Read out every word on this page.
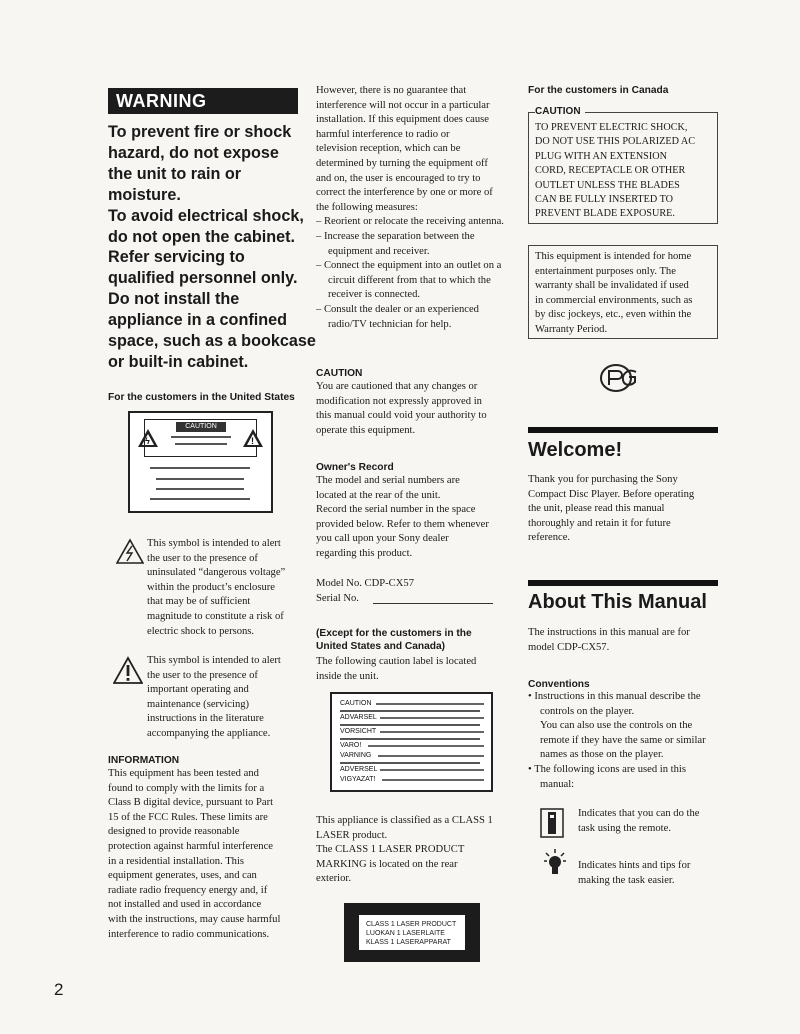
WARNING
To prevent fire or shock
hazard, do not expose
the unit to rain or
moisture.
To avoid electrical shock,
do not open the cabinet.
Refer servicing to
qualified personnel only.
Do not install the
appliance in a confined
space, such as a bookcase
or built-in cabinet.
For the customers in the United States
ϟ
CAUTION
!
This symbol is intended to alert
the user to the presence of
uninsulated “dangerous voltage”
within the product’s enclosure
that may be of sufficient
magnitude to constitute a risk of
electric shock to persons.
This symbol is intended to alert
the user to the presence of
important operating and
maintenance (servicing)
instructions in the literature
accompanying the appliance.
INFORMATION
This equipment has been tested and
found to comply with the limits for a
Class B digital device, pursuant to Part
15 of the FCC Rules. These limits are
designed to provide reasonable
protection against harmful interference
in a residential installation. This
equipment generates, uses, and can
radiate radio frequency energy and, if
not installed and used in accordance
with the instructions, may cause harmful
interference to radio communications.
2
However, there is no guarantee that
interference will not occur in a particular
installation. If this equipment does cause
harmful interference to radio or
television reception, which can be
determined by turning the equipment off
and on, the user is encouraged to try to
correct the interference by one or more of
the following measures:
– Reorient or relocate the receiving antenna.
– Increase the separation between the equipment and receiver.
– Connect the equipment into an outlet on a circuit different from that to which the receiver is connected.
– Consult the dealer or an experienced radio/TV technician for help.
CAUTION
You are cautioned that any changes or
modification not expressly approved in
this manual could void your authority to
operate this equipment.
Owner's Record
The model and serial numbers are
located at the rear of the unit.
Record the serial number in the space
provided below. Refer to them whenever
you call upon your Sony dealer
regarding this product.
Model No. CDP-CX57
Serial No.
(Except for the customers in the
United States and Canada)
The following caution label is located
inside the unit.
CAUTION
ADVARSEL
VORSICHT
VARO!
VARNING
ADVERSEL
VIGYAZAT!
This appliance is classified as a CLASS 1
LASER product.
The CLASS 1 LASER PRODUCT
MARKING is located on the rear
exterior.
CLASS 1 LASER PRODUCT
LUOKAN 1 LASERLAITE
KLASS 1 LASERAPPARAT
For the customers in Canada
CAUTION
TO PREVENT ELECTRIC SHOCK,
DO NOT USE THIS POLARIZED AC
PLUG WITH AN EXTENSION
CORD, RECEPTACLE OR OTHER
OUTLET UNLESS THE BLADES
CAN BE FULLY INSERTED TO
PREVENT BLADE EXPOSURE.
This equipment is intended for home
entertainment purposes only. The
warranty shall be invalidated if used
in commercial environments, such as
by disc jockeys, etc., even within the
Warranty Period.
Welcome!
Thank you for purchasing the Sony
Compact Disc Player. Before operating
the unit, please read this manual
thoroughly and retain it for future
reference.
About This Manual
The instructions in this manual are for
model CDP-CX57.
Conventions
• Instructions in this manual describe the controls on the player.
You can also use the controls on the remote if they have the same or similar names as those on the player.
• The following icons are used in this manual:
Indicates that you can do the
task using the remote.
Indicates hints and tips for
making the task easier.
